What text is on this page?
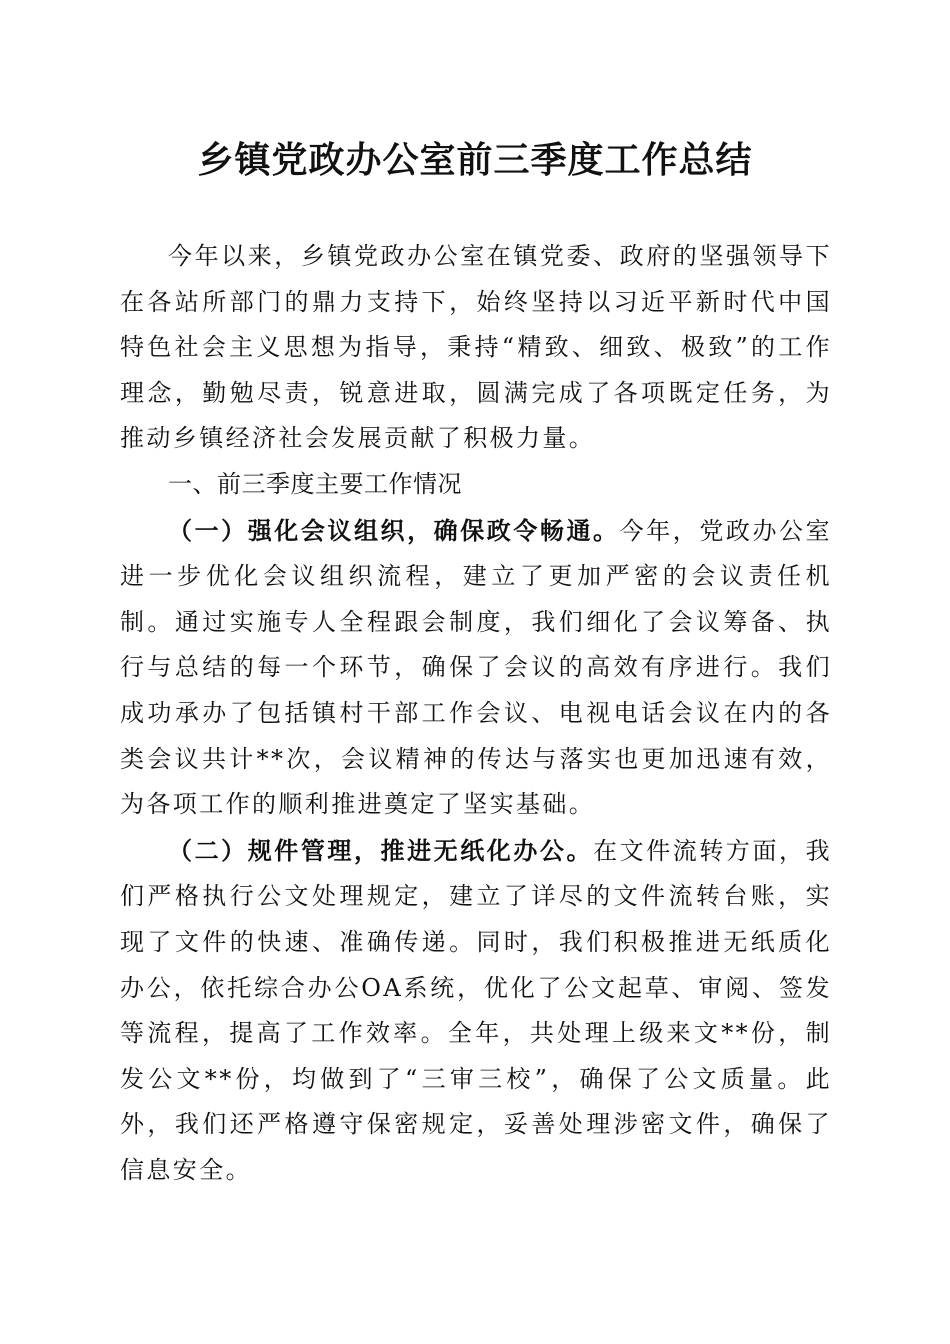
乡镇党政办公室前三季度工作总结

今年以来，乡镇党政办公室在镇党委、政府的坚强领导下在各站所部门的鼎力支持下，始终坚持以习近平新时代中国特色社会主义思想为指导，秉持“精致、细致、极致”的工作理念，勤勉尽责，锐意进取，圆满完成了各项既定任务，为推动乡镇经济社会发展贡献了积极力量。

一、前三季度主要工作情况

（一）强化会议组织，确保政令畅通。今年，党政办公室进一步优化会议组织流程，建立了更加严密的会议责任机制。通过实施专人全程跟会制度，我们细化了会议筹备、执行与总结的每一个环节，确保了会议的高效有序进行。我们成功承办了包括镇村干部工作会议、电视电话会议在内的各类会议共计**次，会议精神的传达与落实也更加迅速有效，为各项工作的顺利推进奠定了坚实基础。

（二）规件管理，推进无纸化办公。在文件流转方面，我们严格执行公文处理规定，建立了详尽的文件流转台账，实现了文件的快速、准确传递。同时，我们积极推进无纸质化办公，依托综合办公OA系统，优化了公文起草、审阅、签发等流程，提高了工作效率。全年，共处理上级来文**份，制发公文**份，均做到了“三审三校”，确保了公文质量。此外，我们还严格遵守保密规定，妥善处理涉密文件，确保了信息安全。
